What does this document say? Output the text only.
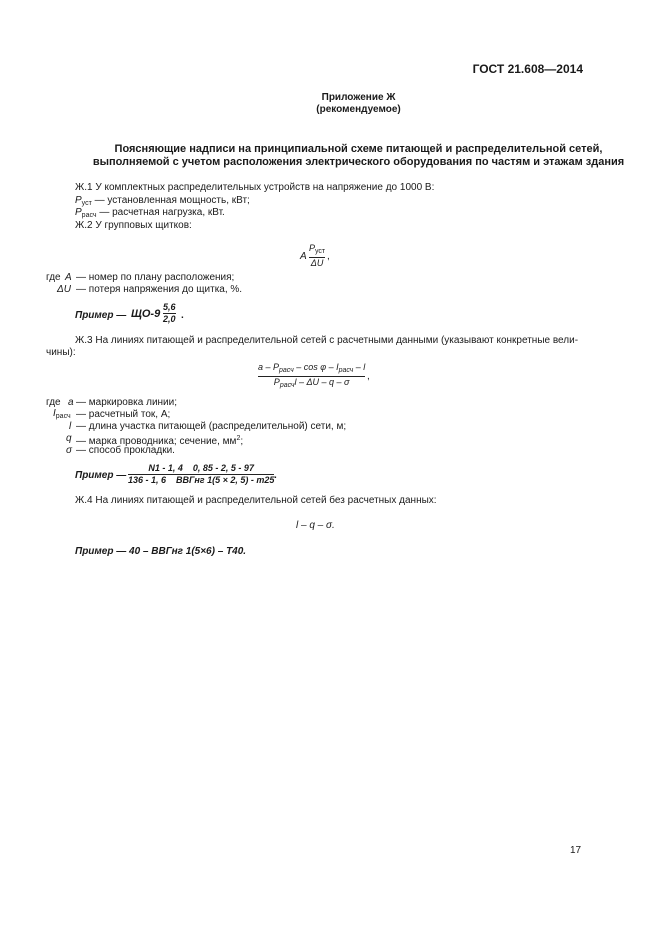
ГОСТ 21.608—2014
Приложение Ж
(рекомендуемое)
Поясняющие надписи на принципиальной схеме питающей и распределительной сетей,
выполняемой с учетом расположения электрического оборудования по частям и этажам здания
Ж.1 У комплектных распределительных устройств на напряжение до 1000 В:
$P_{уст}$ — установленная мощность, кВт;
$P_{расч}$ — расчетная нагрузка, кВт.
Ж.2 У групповых щитков:
A
$P_{уст}$
ΔU
,
где A — номер по плану расположения;
ΔU — потеря напряжения до щитка, %.
Пример — ЩО-9
5,6
2,0 .
Ж.3 На линиях питающей и распределительной сетей с расчетными данными (указывают конкретные вели-
чины):
a – $P_{расч}$ – cos φ – $I_{расч}$ – l
$P_{расч}l$ – ΔU – q – σ ,
где a — маркировка линии;
$I_{расч}$ — расчетный ток, А;
l — длина участка питающей (распределительной) сети, м;
q — марка проводника; сечение, $мм^2$;
σ — способ прокладки.
Пример —
N1 - 1, 4    0, 85 - 2, 5 - 97
136 - 1, 6    ВВГнг 1(5 × 2, 5) - т25 .
Ж.4 На линиях питающей и распределительной сетей без расчетных данных:
l – q – σ.
Пример — 40 – ВВГнг 1(5×6) – Т40.
17
